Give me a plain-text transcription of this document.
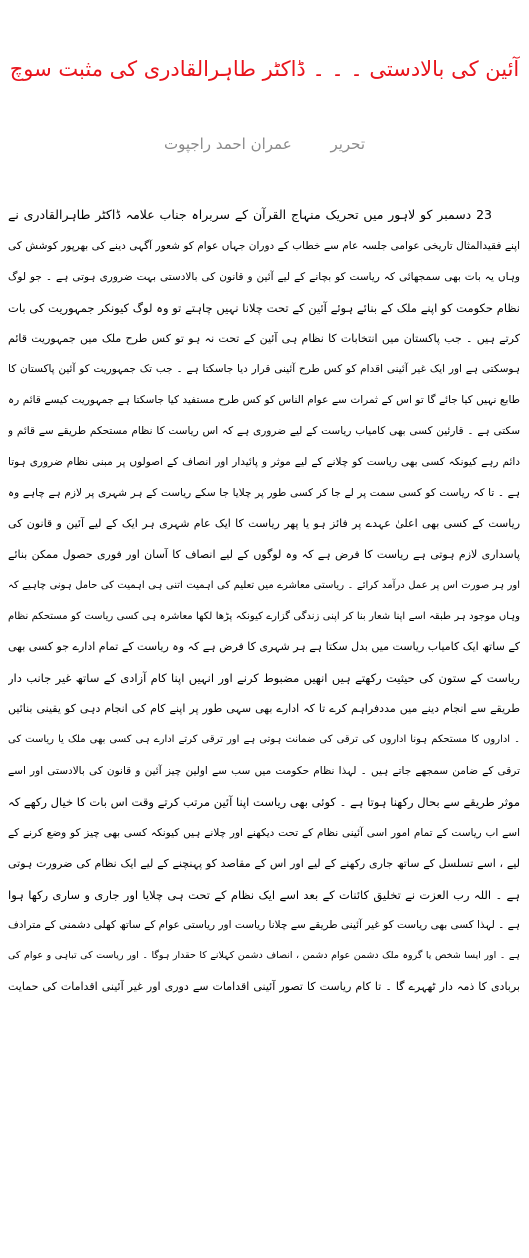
آئین کی بالادستی ۔ ۔ ۔ ڈاکٹر طاہرالقادری کی مثبت سوچ
تحریر عمران احمد راجپوت
23 دسمبر کو لاہور میں تحریک منہاج القرآن کے سربراہ جناب علامہ ڈاکٹر طاہرالقادری نے
اپنے فقیدالمثال تاریخی عوامی جلسہ عام سے خطاب کے دوران جہاں عوام کو شعور آگہی دینے کی بھرپور کوشش کی
وہاں یہ بات بھی سمجھائی کہ ریاست کو بچانے کے لیے آئین و قانون کی بالادستی بہت ضروری ہوتی ہے ۔ جو لوگ
نظام حکومت کو اپنے ملک کے بنائے ہوئے آئین کے تحت چلانا نہیں چاہتے تو وہ لوگ کیونکر جمہوریت کی بات
کرتے ہیں ۔ جب پاکستان میں انتخابات کا نظام ہی آئین کے تحت نہ ہو تو کس طرح ملک میں جمہوریت قائم
ہوسکتی ہے اور ایک غیر آئینی اقدام کو کس طرح آئینی قرار دیا جاسکتا ہے ۔ جب تک جمہوریت کو آئین پاکستان کا
طابع نہیں کیا جائے گا تو اس کے ثمرات سے عوام الناس کو کس طرح مستفید کیا جاسکتا ہے جمہوریت کیسے قائم رہ
سکتی ہے ۔ قارئین کسی بھی کامیاب ریاست کے لیے ضروری ہے کہ اس ریاست کا نظام مستحکم طریقے سے قائم و
دائم رہے کیونکہ کسی بھی ریاست کو چلانے کے لیے موثر و پائیدار اور انصاف کے اصولوں پر مبنی نظام ضروری ہوتا
ہے ۔ تا کہ ریاست کو کسی سمت پر لے جا کر کسی طور پر چلایا جا سکے ریاست کے ہر شہری پر لازم ہے چاہے وہ
ریاست کے کسی بھی اعلیٰ عہدے پر فائز ہو یا پھر ریاست کا ایک عام شہری ہر ایک کے لیے آئین و قانون کی
پاسداری لازم ہوتی ہے ریاست کا فرض ہے کہ وہ لوگوں کے لیے انصاف کا آسان اور فوری حصول ممکن بنائے
اور ہر صورت اس پر عمل درآمد کرائے ۔ ریاستی معاشرے میں تعلیم کی اہمیت اتنی ہی اہمیت کی حامل ہونی چاہیے کہ
وہاں موجود ہر طبقہ اسے اپنا شعار بنا کر اپنی زندگی گزارے کیونکہ پڑھا لکھا معاشرہ ہی کسی ریاست کو مستحکم نظام
کے ساتھ ایک کامیاب ریاست میں بدل سکتا ہے ہر شہری کا فرض ہے کہ وہ ریاست کے تمام ادارے جو کسی بھی
ریاست کے ستون کی حیثیت رکھتے ہیں انھیں مضبوط کرنے اور انہیں اپنا کام آزادی کے ساتھ غیر جانب دار
طریقے سے انجام دینے میں مددفراہم کرے تا کہ ادارے بھی سہی طور پر اپنے کام کی انجام دہی کو یقینی بنائیں
۔ اداروں کا مستحکم ہونا اداروں کی ترقی کی ضمانت ہوتی ہے اور ترقی کرتے ادارے ہی کسی بھی ملک یا ریاست کی
ترقی کے ضامن سمجھے جاتے ہیں ۔ لہذا نظام حکومت میں سب سے اولین چیز آئین و قانون کی بالادستی اور اسے
موثر طریقے سے بحال رکھنا ہوتا ہے ۔ کوئی بھی ریاست اپنا آئین مرتب کرتے وقت اس بات کا خیال رکھے کہ
اسے اب ریاست کے تمام امور اسی آئینی نظام کے تحت دیکھنے اور چلانے ہیں کیونکہ کسی بھی چیز کو وضع کرنے کے
لیے ، اسے تسلسل کے ساتھ جاری رکھنے کے لیے اور اس کے مقاصد کو پہنچنے کے لیے ایک نظام کی ضرورت ہوتی
ہے ۔ اللہ رب العزت نے تخلیق کائنات کے بعد اسے ایک نظام کے تحت ہی چلایا اور جاری و ساری رکھا ہوا
ہے ۔ لہذا کسی بھی ریاست کو غیر آئینی طریقے سے چلانا ریاست اور ریاستی عوام کے ساتھ کھلی دشمنی کے مترادف
ہے ۔ اور ایسا شخص یا گروہ ملک دشمن عوام دشمن ، انصاف دشمن کہلانے کا حقدار ہوگا ۔ اور ریاست کی تباہی و عوام کی
بربادی کا ذمہ دار ٹھہرے گا ۔ تا کام ریاست کا تصور آئینی اقدامات سے دوری اور غیر آئینی اقدامات کی حمایت
